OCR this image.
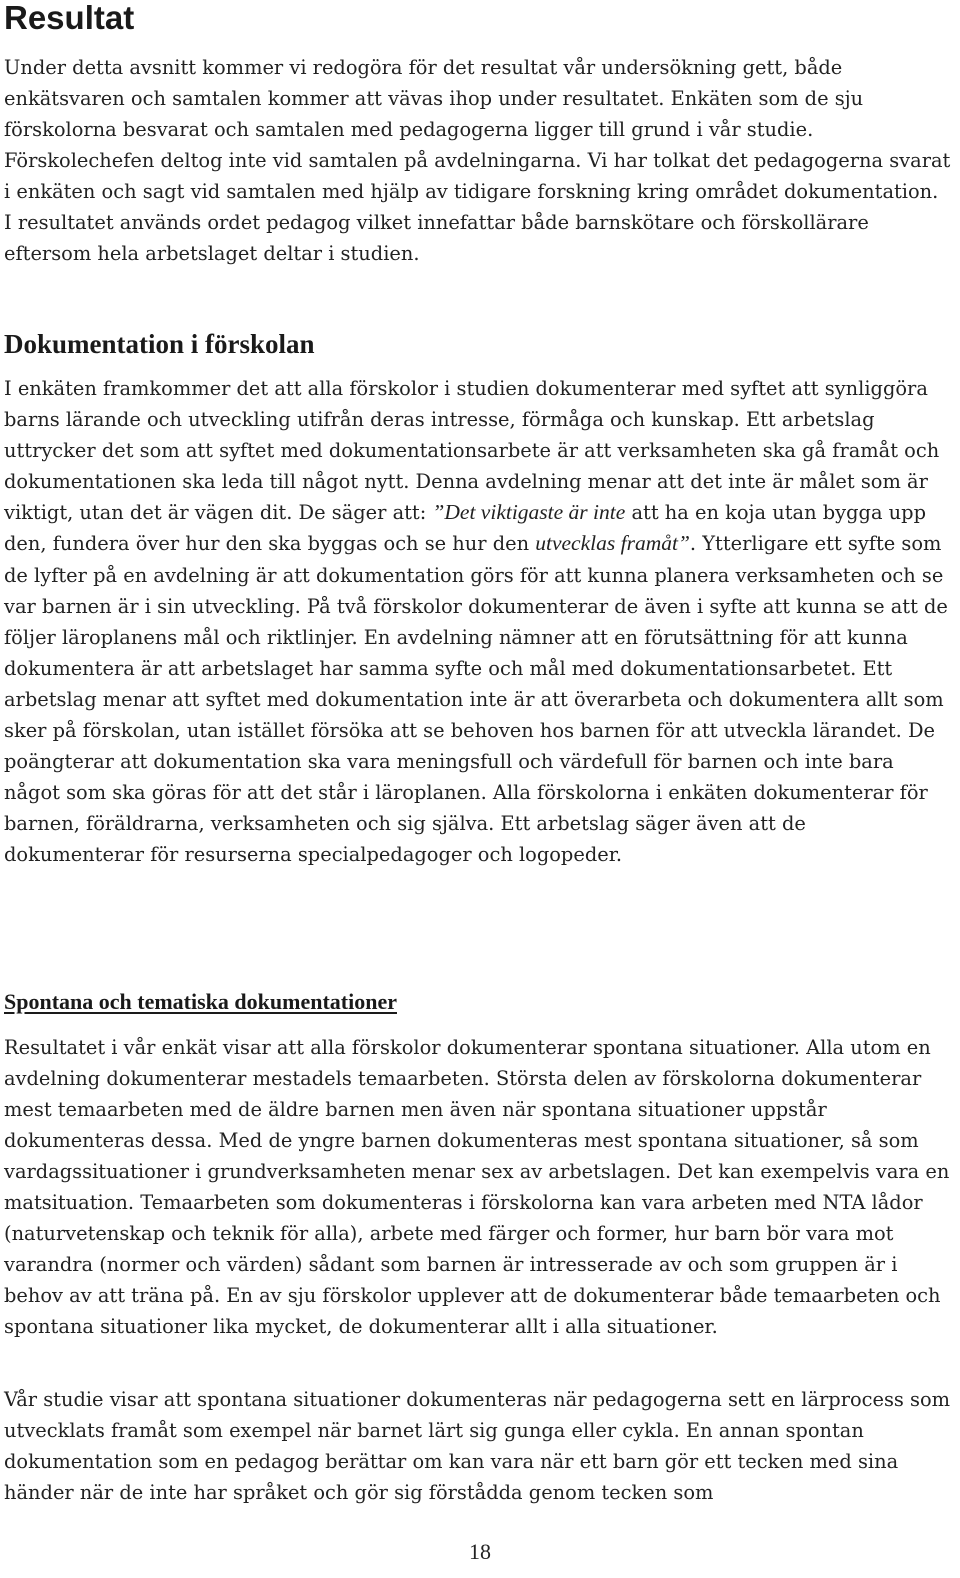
Resultat

Under detta avsnitt kommer vi redogöra för det resultat vår undersökning gett, både enkätsvaren och samtalen kommer att vävas ihop under resultatet. Enkäten som de sju förskolorna besvarat och samtalen med pedagogerna ligger till grund i vår studie. Förskolechefen deltog inte vid samtalen på avdelningarna. Vi har tolkat det pedagogerna svarat i enkäten och sagt vid samtalen med hjälp av tidigare forskning kring området dokumentation. I resultatet används ordet pedagog vilket innefattar både barnskötare och förskollärare eftersom hela arbetslaget deltar i studien.

Dokumentation i förskolan

I enkäten framkommer det att alla förskolor i studien dokumenterar med syftet att synliggöra barns lärande och utveckling utifrån deras intresse, förmåga och kunskap. Ett arbetslag uttrycker det som att syftet med dokumentationsarbete är att verksamheten ska gå framåt och dokumentationen ska leda till något nytt. Denna avdelning menar att det inte är målet som är viktigt, utan det är vägen dit. De säger att: ”Det viktigaste är inte att ha en koja utan bygga upp den, fundera över hur den ska byggas och se hur den utvecklas framåt”. Ytterligare ett syfte som de lyfter på en avdelning är att dokumentation görs för att kunna planera verksamheten och se var barnen är i sin utveckling. På två förskolor dokumenterar de även i syfte att kunna se att de följer läroplanens mål och riktlinjer. En avdelning nämner att en förutsättning för att kunna dokumentera är att arbetslaget har samma syfte och mål med dokumentationsarbetet. Ett arbetslag menar att syftet med dokumentation inte är att överarbeta och dokumentera allt som sker på förskolan, utan istället försöka att se behoven hos barnen för att utveckla lärandet. De poängterar att dokumentation ska vara meningsfull och värdefull för barnen och inte bara något som ska göras för att det står i läroplanen. Alla förskolorna i enkäten dokumenterar för barnen, föräldrarna, verksamheten och sig själva. Ett arbetslag säger även att de dokumenterar för resurserna specialpedagoger och logopeder.

Spontana och tematiska dokumentationer

Resultatet i vår enkät visar att alla förskolor dokumenterar spontana situationer. Alla utom en avdelning dokumenterar mestadels temaarbeten. Största delen av förskolorna dokumenterar mest temaarbeten med de äldre barnen men även när spontana situationer uppstår dokumenteras dessa. Med de yngre barnen dokumenteras mest spontana situationer, så som vardagssituationer i grundverksamheten menar sex av arbetslagen. Det kan exempelvis vara en matsituation. Temaarbeten som dokumenteras i förskolorna kan vara arbeten med NTA lådor (naturvetenskap och teknik för alla), arbete med färger och former, hur barn bör vara mot varandra (normer och värden) sådant som barnen är intresserade av och som gruppen är i behov av att träna på. En av sju förskolor upplever att de dokumenterar både temaarbeten och spontana situationer lika mycket, de dokumenterar allt i alla situationer.

Vår studie visar att spontana situationer dokumenteras när pedagogerna sett en lärprocess som utvecklats framåt som exempel när barnet lärt sig gunga eller cykla. En annan spontan dokumentation som en pedagog berättar om kan vara när ett barn gör ett tecken med sina händer när de inte har språket och gör sig förstådda genom tecken som

18
